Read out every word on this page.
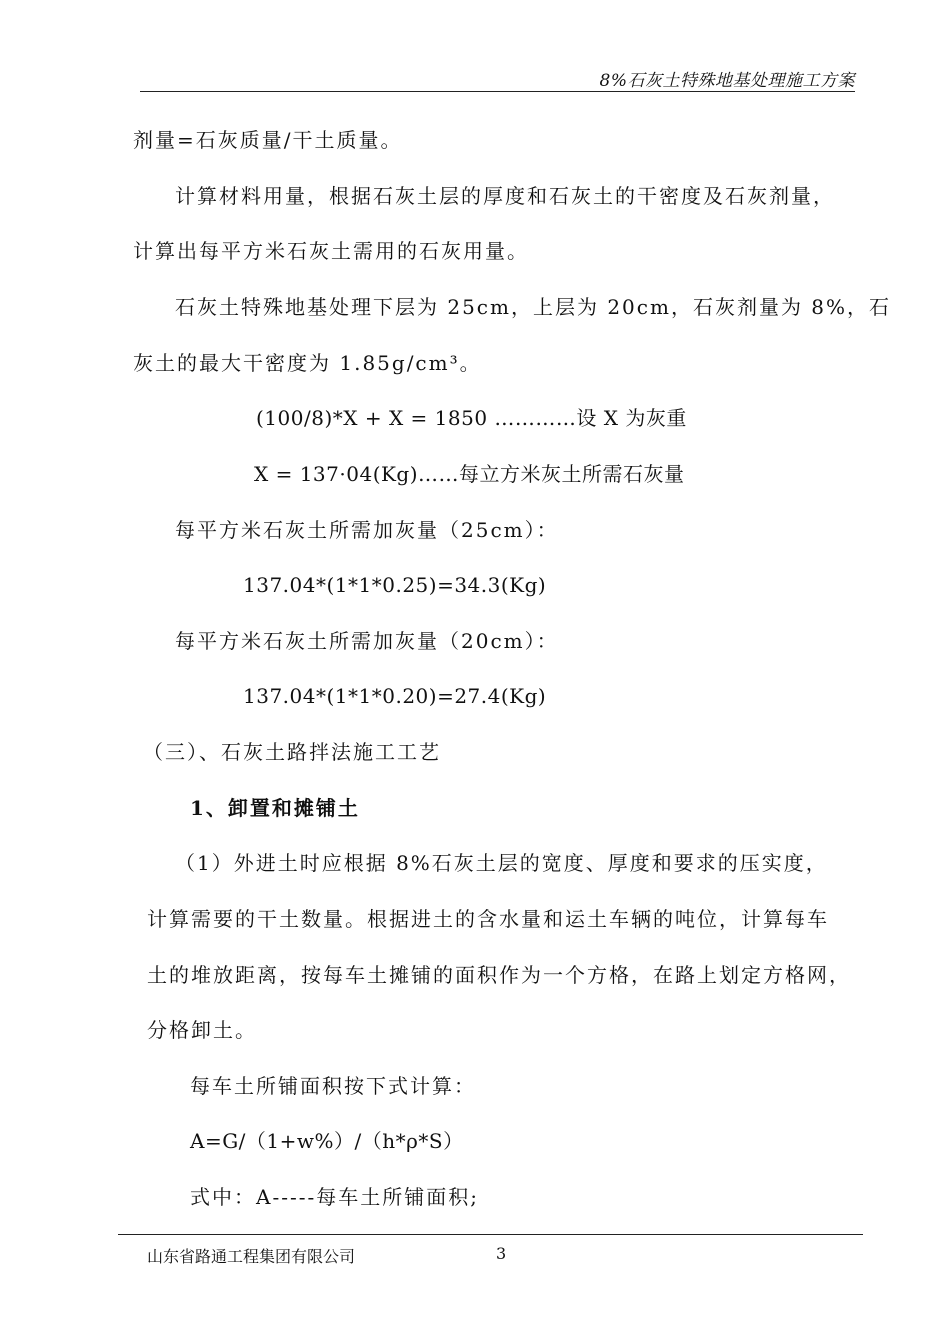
8%石灰土特殊地基处理施工方案
剂量=石灰质量/干土质量。
计算材料用量，根据石灰土层的厚度和石灰土的干密度及石灰剂量，
计算出每平方米石灰土需用的石灰用量。
石灰土特殊地基处理下层为 25cm，上层为 20cm，石灰剂量为 8%，石
灰土的最大干密度为 1.85g/cm³。
(100/8)*X + X = 1850 …………设 X 为灰重
X = 137·04(Kg)……每立方米灰土所需石灰量
每平方米石灰土所需加灰量（25cm）：
137.04*(1*1*0.25)=34.3(Kg)
每平方米石灰土所需加灰量（20cm）：
137.04*(1*1*0.20)=27.4(Kg)
（三）、石灰土路拌法施工工艺
1、卸置和摊铺土
（1）外进土时应根据 8%石灰土层的宽度、厚度和要求的压实度，
计算需要的干土数量。根据进土的含水量和运土车辆的吨位，计算每车
土的堆放距离，按每车土摊铺的面积作为一个方格，在路上划定方格网，
分格卸土。
每车土所铺面积按下式计算：
A=G/（1+w%）/（h*ρ*S）
式中：A-----每车土所铺面积;
山东省路通工程集团有限公司	3
